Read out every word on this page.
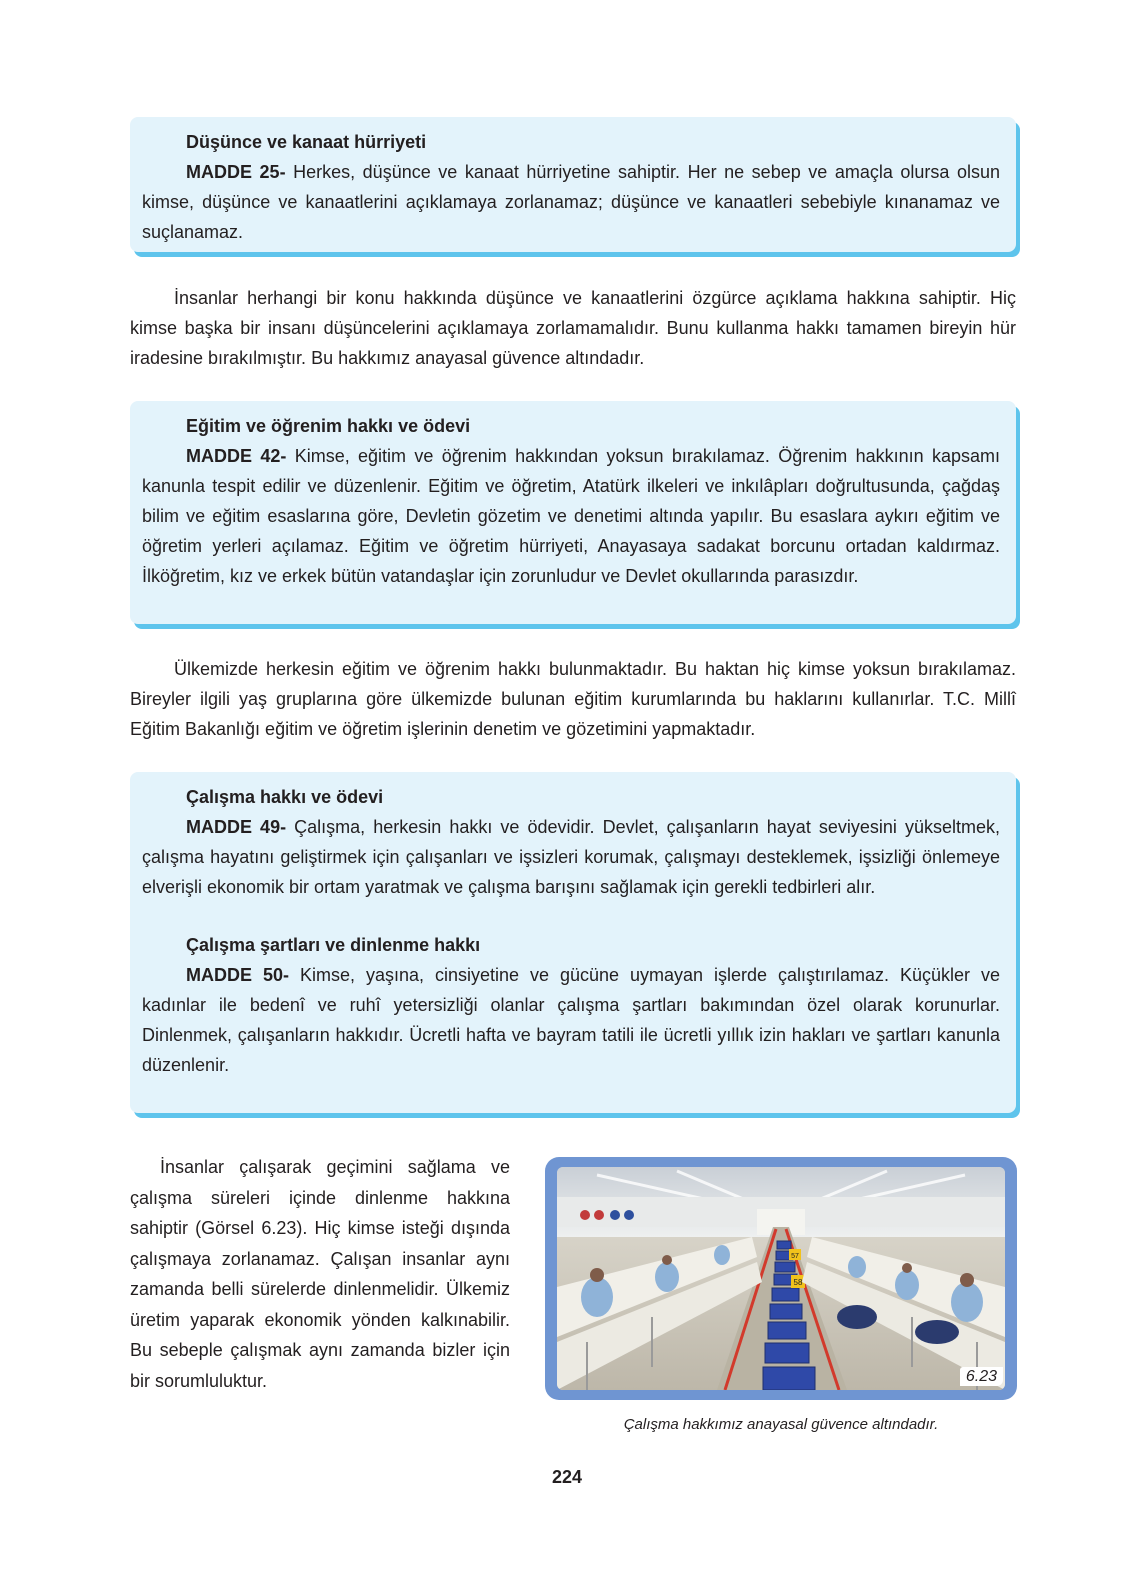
Düşünce ve kanaat hürriyeti

MADDE 25- Herkes, düşünce ve kanaat hürriyetine sahiptir. Her ne sebep ve amaçla olursa olsun kimse, düşünce ve kanaatlerini açıklamaya zorlanamaz; düşünce ve kanaatleri sebebiyle kınanamaz ve suçlanamaz.

İnsanlar herhangi bir konu hakkında düşünce ve kanaatlerini özgürce açıklama hakkına sahiptir. Hiç kimse başka bir insanı düşüncelerini açıklamaya zorlamamalıdır. Bunu kullanma hakkı tamamen bireyin hür iradesine bırakılmıştır. Bu hakkımız anayasal güvence altındadır.

Eğitim ve öğrenim hakkı ve ödevi

MADDE 42- Kimse, eğitim ve öğrenim hakkından yoksun bırakılamaz. Öğrenim hakkının kapsamı kanunla tespit edilir ve düzenlenir. Eğitim ve öğretim, Atatürk ilkeleri ve inkılâpları doğrultusunda, çağdaş bilim ve eğitim esaslarına göre, Devletin gözetim ve denetimi altında yapılır. Bu esaslara aykırı eğitim ve öğretim yerleri açılamaz. Eğitim ve öğretim hürriyeti, Anayasaya sadakat borcunu ortadan kaldırmaz. İlköğretim, kız ve erkek bütün vatandaşlar için zorunludur ve Devlet okullarında parasızdır.

Ülkemizde herkesin eğitim ve öğrenim hakkı bulunmaktadır. Bu haktan hiç kimse yoksun bırakılamaz. Bireyler ilgili yaş gruplarına göre ülkemizde bulunan eğitim kurumlarında bu haklarını kullanırlar. T.C. Millî Eğitim Bakanlığı eğitim ve öğretim işlerinin denetim ve gözetimini yapmaktadır.

Çalışma hakkı ve ödevi

MADDE 49- Çalışma, herkesin hakkı ve ödevidir. Devlet, çalışanların hayat seviyesini yükseltmek, çalışma hayatını geliştirmek için çalışanları ve işsizleri korumak, çalışmayı desteklemek, işsizliği önlemeye elverişli ekonomik bir ortam yaratmak ve çalışma barışını sağlamak için gerekli tedbirleri alır.

Çalışma şartları ve dinlenme hakkı

MADDE 50- Kimse, yaşına, cinsiyetine ve gücüne uymayan işlerde çalıştırılamaz. Küçükler ve kadınlar ile bedenî ve ruhî yetersizliği olanlar çalışma şartları bakımından özel olarak korunurlar. Dinlenmek, çalışanların hakkıdır. Ücretli hafta ve bayram tatili ile ücretli yıllık izin hakları ve şartları kanunla düzenlenir.

İnsanlar çalışarak geçimini sağlama ve çalışma süreleri içinde dinlenme hakkına sahiptir (Görsel 6.23). Hiç kimse isteği dışında çalışmaya zorlanamaz. Çalışan insanlar aynı zamanda belli sürelerde dinlenmelidir. Ülkemiz üretim yaparak ekonomik yönden kalkınabilir. Bu sebeple çalışmak aynı zamanda bizler için bir sorumluluktur.

57
58
6.23
Çalışma hakkımız anayasal güvence altındadır.
224
